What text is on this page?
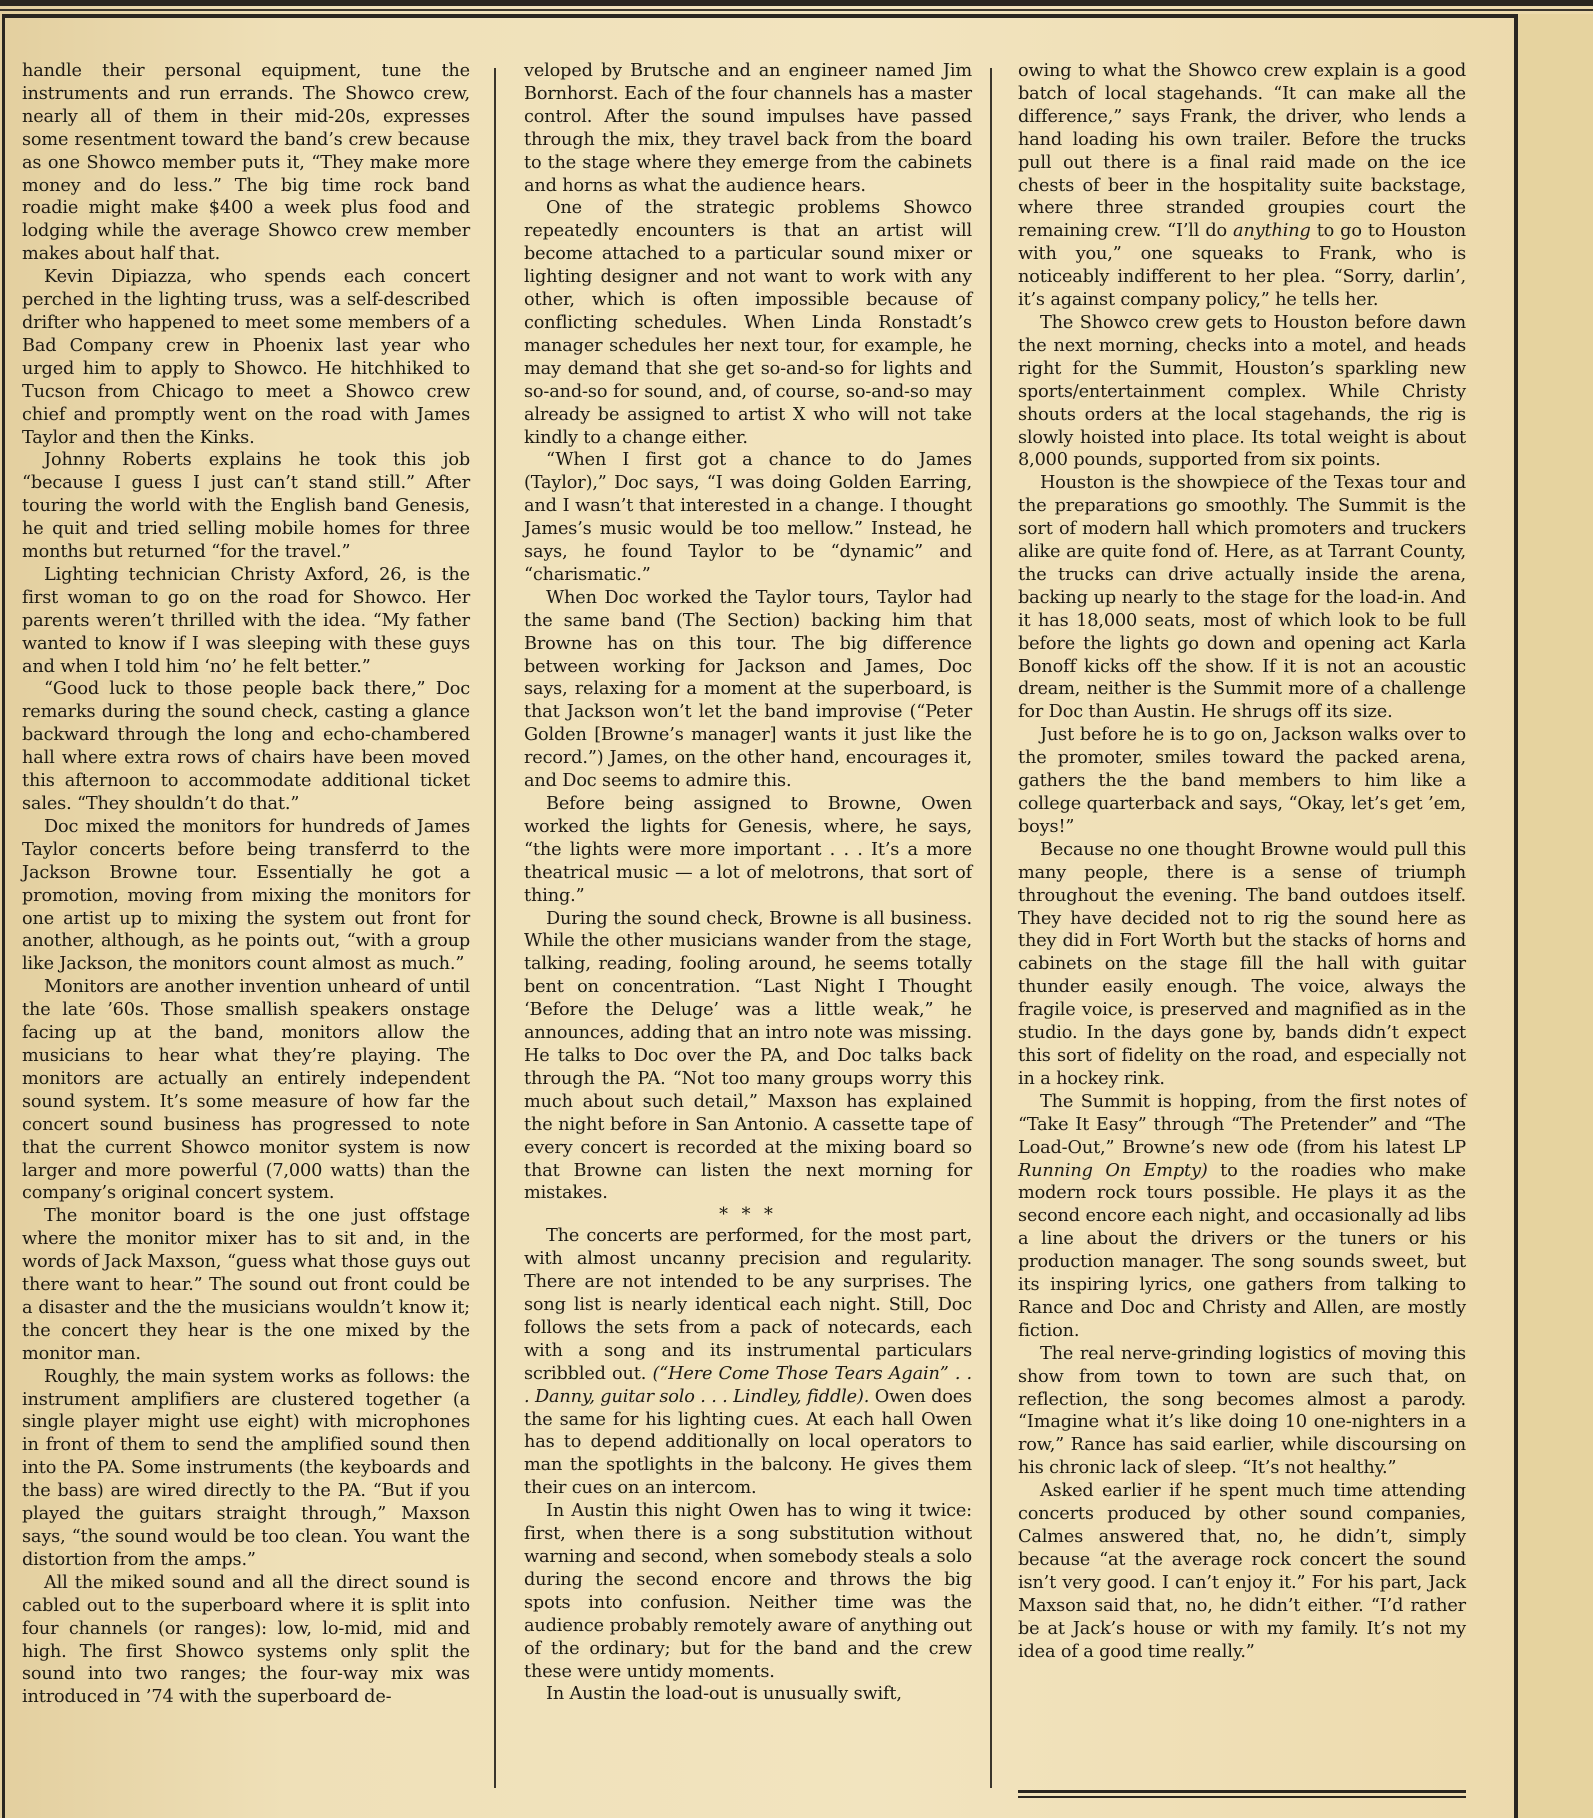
handle their personal equipment, tune the instruments and run errands. The Showco crew, nearly all of them in their mid-20s, expresses some resentment toward the band’s crew because as one Showco member puts it, “They make more money and do less.” The big time rock band roadie might make $400 a week plus food and lodging while the average Showco crew member makes about half that.

Kevin Dipiazza, who spends each concert perched in the lighting truss, was a self-described drifter who happened to meet some members of a Bad Company crew in Phoenix last year who urged him to apply to Showco. He hitchhiked to Tucson from Chicago to meet a Showco crew chief and promptly went on the road with James Taylor and then the Kinks.

Johnny Roberts explains he took this job “because I guess I just can’t stand still.” After touring the world with the English band Genesis, he quit and tried selling mobile homes for three months but returned “for the travel.”

Lighting technician Christy Axford, 26, is the first woman to go on the road for Showco. Her parents weren’t thrilled with the idea. “My father wanted to know if I was sleeping with these guys and when I told him ‘no’ he felt better.”

“Good luck to those people back there,” Doc remarks during the sound check, casting a glance backward through the long and echo-chambered hall where extra rows of chairs have been moved this afternoon to accommodate additional ticket sales. “They shouldn’t do that.”

Doc mixed the monitors for hundreds of James Taylor concerts before being transferrd to the Jackson Browne tour. Essentially he got a promotion, moving from mixing the monitors for one artist up to mixing the system out front for another, although, as he points out, “with a group like Jackson, the monitors count almost as much.”

Monitors are another invention unheard of until the late ’60s. Those smallish speakers onstage facing up at the band, monitors allow the musicians to hear what they’re playing. The monitors are actually an entirely independent sound system. It’s some measure of how far the concert sound business has progressed to note that the current Showco monitor system is now larger and more powerful (7,000 watts) than the company’s original concert system.

The monitor board is the one just offstage where the monitor mixer has to sit and, in the words of Jack Maxson, “guess what those guys out there want to hear.” The sound out front could be a disaster and the the musicians wouldn’t know it; the concert they hear is the one mixed by the monitor man.

Roughly, the main system works as follows: the instrument amplifiers are clustered together (a single player might use eight) with microphones in front of them to send the amplified sound then into the PA. Some instruments (the keyboards and the bass) are wired directly to the PA. “But if you played the guitars straight through,” Maxson says, “the sound would be too clean. You want the distortion from the amps.”

All the miked sound and all the direct sound is cabled out to the superboard where it is split into four channels (or ranges): low, lo-mid, mid and high. The first Showco systems only split the sound into two ranges; the four-way mix was introduced in ’74 with the superboard de-

veloped by Brutsche and an engineer named Jim Bornhorst. Each of the four channels has a master control. After the sound impulses have passed through the mix, they travel back from the board to the stage where they emerge from the cabinets and horns as what the audience hears.

One of the strategic problems Showco repeatedly encounters is that an artist will become attached to a particular sound mixer or lighting designer and not want to work with any other, which is often impossible because of conflicting schedules. When Linda Ronstadt’s manager schedules her next tour, for example, he may demand that she get so-and-so for lights and so-and-so for sound, and, of course, so-and-so may already be assigned to artist X who will not take kindly to a change either.

“When I first got a chance to do James (Taylor),” Doc says, “I was doing Golden Earring, and I wasn’t that interested in a change. I thought James’s music would be too mellow.” Instead, he says, he found Taylor to be “dynamic” and “charismatic.”

When Doc worked the Taylor tours, Taylor had the same band (The Section) backing him that Browne has on this tour. The big difference between working for Jackson and James, Doc says, relaxing for a moment at the superboard, is that Jackson won’t let the band improvise (“Peter Golden [Browne’s manager] wants it just like the record.”) James, on the other hand, encourages it, and Doc seems to admire this.

Before being assigned to Browne, Owen worked the lights for Genesis, where, he says, “the lights were more important . . . It’s a more theatrical music — a lot of melotrons, that sort of thing.”

During the sound check, Browne is all business. While the other musicians wander from the stage, talking, reading, fooling around, he seems totally bent on concentration. “Last Night I Thought ‘Before the Deluge’ was a little weak,” he announces, adding that an intro note was missing. He talks to Doc over the PA, and Doc talks back through the PA. “Not too many groups worry this much about such detail,” Maxson has explained the night before in San Antonio. A cassette tape of every concert is recorded at the mixing board so that Browne can listen the next morning for mistakes.

* * *

The concerts are performed, for the most part, with almost uncanny precision and regularity. There are not intended to be any surprises. The song list is nearly identical each night. Still, Doc follows the sets from a pack of notecards, each with a song and its instrumental particulars scribbled out. (“Here Come Those Tears Again” . . . Danny, guitar solo . . . Lindley, fiddle). Owen does the same for his lighting cues. At each hall Owen has to depend additionally on local operators to man the spotlights in the balcony. He gives them their cues on an intercom.

In Austin this night Owen has to wing it twice: first, when there is a song substitution without warning and second, when somebody steals a solo during the second encore and throws the big spots into confusion. Neither time was the audience probably remotely aware of anything out of the ordinary; but for the band and the crew these were untidy moments.

In Austin the load-out is unusually swift,

owing to what the Showco crew explain is a good batch of local stagehands. “It can make all the difference,” says Frank, the driver, who lends a hand loading his own trailer. Before the trucks pull out there is a final raid made on the ice chests of beer in the hospitality suite backstage, where three stranded groupies court the remaining crew. “I’ll do anything to go to Houston with you,” one squeaks to Frank, who is noticeably indifferent to her plea. “Sorry, darlin’, it’s against company policy,” he tells her.

The Showco crew gets to Houston before dawn the next morning, checks into a motel, and heads right for the Summit, Houston’s sparkling new sports/entertainment complex. While Christy shouts orders at the local stagehands, the rig is slowly hoisted into place. Its total weight is about 8,000 pounds, supported from six points.

Houston is the showpiece of the Texas tour and the preparations go smoothly. The Summit is the sort of modern hall which promoters and truckers alike are quite fond of. Here, as at Tarrant County, the trucks can drive actually inside the arena, backing up nearly to the stage for the load-in. And it has 18,000 seats, most of which look to be full before the lights go down and opening act Karla Bonoff kicks off the show. If it is not an acoustic dream, neither is the Summit more of a challenge for Doc than Austin. He shrugs off its size.

Just before he is to go on, Jackson walks over to the promoter, smiles toward the packed arena, gathers the the band members to him like a college quarterback and says, “Okay, let’s get ’em, boys!”

Because no one thought Browne would pull this many people, there is a sense of triumph throughout the evening. The band outdoes itself. They have decided not to rig the sound here as they did in Fort Worth but the stacks of horns and cabinets on the stage fill the hall with guitar thunder easily enough. The voice, always the fragile voice, is preserved and magnified as in the studio. In the days gone by, bands didn’t expect this sort of fidelity on the road, and especially not in a hockey rink.

The Summit is hopping, from the first notes of “Take It Easy” through “The Pretender” and “The Load-Out,” Browne’s new ode (from his latest LP Running On Empty) to the roadies who make modern rock tours possible. He plays it as the second encore each night, and occasionally ad libs a line about the drivers or the tuners or his production manager. The song sounds sweet, but its inspiring lyrics, one gathers from talking to Rance and Doc and Christy and Allen, are mostly fiction.

The real nerve-grinding logistics of moving this show from town to town are such that, on reflection, the song becomes almost a parody. “Imagine what it’s like doing 10 one-nighters in a row,” Rance has said earlier, while discoursing on his chronic lack of sleep. “It’s not healthy.”

Asked earlier if he spent much time attending concerts produced by other sound companies, Calmes answered that, no, he didn’t, simply because “at the average rock concert the sound isn’t very good. I can’t enjoy it.” For his part, Jack Maxson said that, no, he didn’t either. “I’d rather be at Jack’s house or with my family. It’s not my idea of a good time really.”
